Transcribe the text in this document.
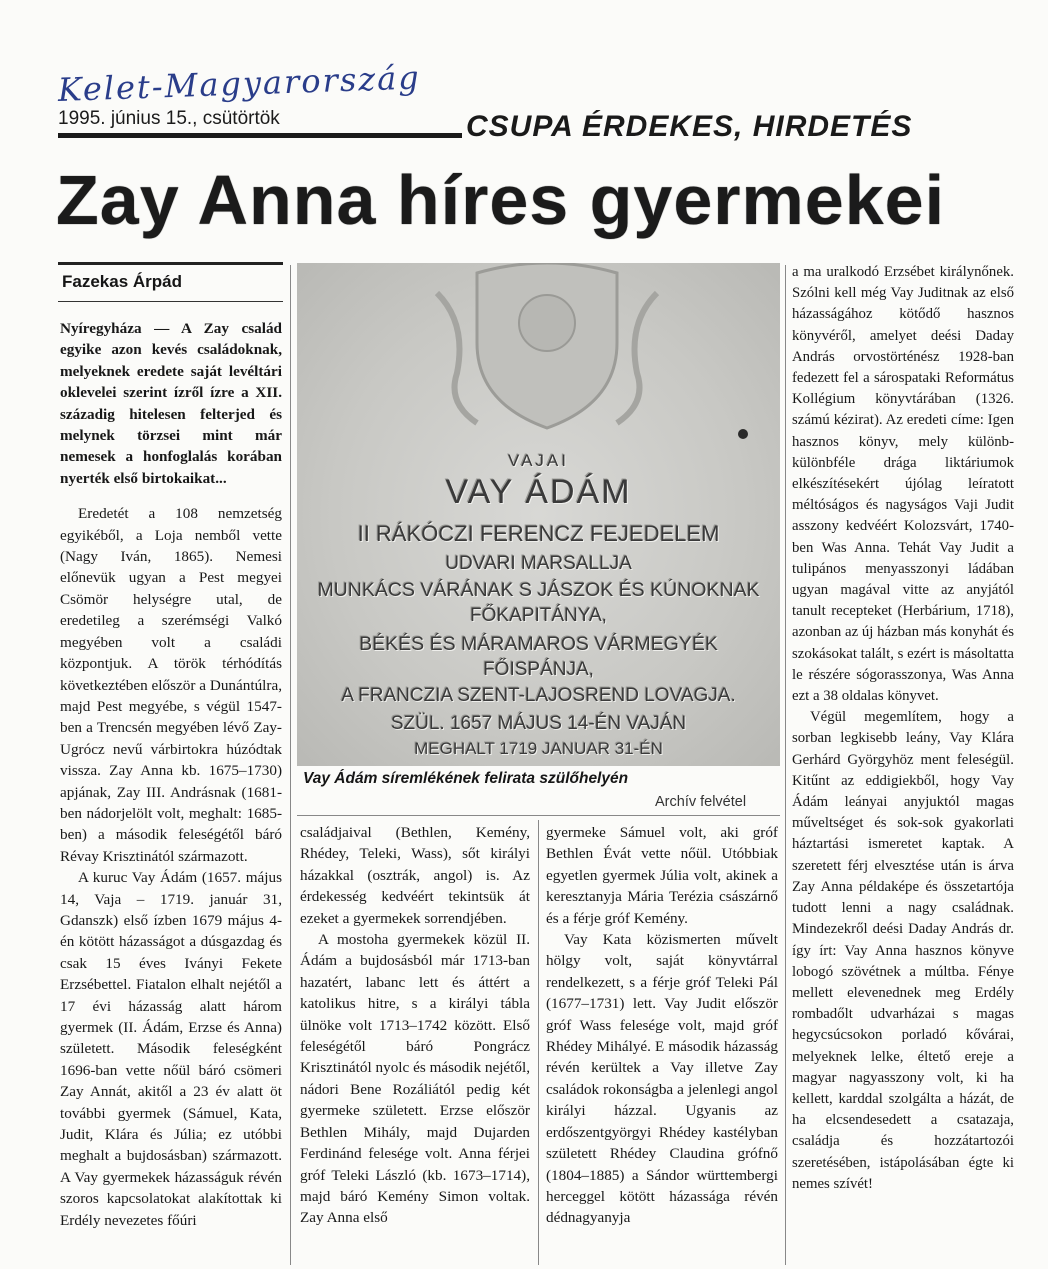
Kelet-Magyarország
1995. június 15., csütörtök	CSUPA ÉRDEKES, HIRDETÉS
Zay Anna híres gyermekei
Fazekas Árpád

Nyíregyháza — A Zay család egyike azon kevés családoknak, melyeknek eredete saját levéltári oklevelei szerint ízről ízre a XII. századig hitelesen felterjed és melynek törzsei mint már nemesek a honfoglalás korában nyerték első birtokaikat...

Eredetét a 108 nemzetség egyikéből, a Loja nemből vette (Nagy Iván, 1865). Nemesi előnevük ugyan a Pest megyei Csömör helységre utal, de eredetileg a szerémségi Valkó megyében volt a családi központjuk. A török térhódítás következtében először a Dunántúlra, majd Pest megyébe, s végül 1547-ben a Trencsén megyében lévő Zay-Ugrócz nevű várbirtokra húzódtak vissza. Zay Anna kb. 1675–1730) apjának, Zay III. Andrásnak (1681-ben nádorjelölt volt, meghalt: 1685-ben) a második feleségétől báró Révay Krisztinától származott.

A kuruc Vay Ádám (1657. május 14, Vaja – 1719. január 31, Gdanszk) első ízben 1679 május 4-én kötött házasságot a dúsgazdag és csak 15 éves Iványi Fekete Erzsébettel. Fiatalon elhalt nejétől a 17 évi házasság alatt három gyermek (II. Ádám, Erzse és Anna) született. Második feleségként 1696-ban vette nőül báró csömeri Zay Annát, akitől a 23 év alatt öt további gyermek (Sámuel, Kata, Judit, Klára és Júlia; ez utóbbi meghalt a bujdosásban) származott. A Vay gyermekek házasságuk révén szoros kapcsolatokat alakítottak ki Erdély nevezetes főúri

VAJAI
VAY ÁDÁM
II RÁKÓCZI FERENCZ FEJEDELEM
UDVARI MARSALLJA
MUNKÁCS VÁRÁNAK S JÁSZOK ÉS KÚNOKNAK
FŐKAPITÁNYA,
BÉKÉS ÉS MÁRAMAROS VÁRMEGYÉK
FŐISPÁNJA,
A FRANCZIA SZENT-LAJOSREND LOVAGJA.
SZÜL. 1657 MÁJUS 14-ÉN VAJÁN
MEGHALT 1719 JANUAR 31-ÉN
Vay Ádám síremlékének felirata szülőhelyén
Archív felvétel

családjaival (Bethlen, Kemény, Rhédey, Teleki, Wass), sőt királyi házakkal (osztrák, angol) is. Az érdekesség kedvéért tekintsük át ezeket a gyermekek sorrendjében.

A mostoha gyermekek közül II. Ádám a bujdosásból már 1713-ban hazatért, labanc lett és áttért a katolikus hitre, s a királyi tábla ülnöke volt 1713–1742 között. Első feleségétől báró Pongrácz Krisztinától nyolc és második nejétől, nádori Bene Rozáliától pedig két gyermeke született. Erzse először Bethlen Mihály, majd Dujarden Ferdinánd felesége volt. Anna férjei gróf Teleki László (kb. 1673–1714), majd báró Kemény Simon voltak. Zay Anna első

gyermeke Sámuel volt, aki gróf Bethlen Évát vette nőül. Utóbbiak egyetlen gyermek Júlia volt, akinek a keresztanyja Mária Terézia császárnő és a férje gróf Kemény.

Vay Kata közismerten művelt hölgy volt, saját könyvtárral rendelkezett, s a férje gróf Teleki Pál (1677–1731) lett. Vay Judit először gróf Wass felesége volt, majd gróf Rhédey Mihályé. E második házasság révén kerültek a Vay illetve Zay családok rokonságba a jelenlegi angol királyi házzal. Ugyanis az erdőszentgyörgyi Rhédey kastélyban született Rhédey Claudina grófnő (1804–1885) a Sándor württembergi herceggel kötött házassága révén dédnagyanyja

a ma uralkodó Erzsébet királynőnek. Szólni kell még Vay Juditnak az első házasságához kötődő hasznos könyvéről, amelyet deési Daday András orvostörténész 1928-ban fedezett fel a sárospataki Református Kollégium könyvtárában (1326. számú kézirat). Az eredeti címe: Igen hasznos könyv, mely különb-különbféle drága liktáriumok elkészítésekért újólag leíratott méltóságos és nagyságos Vaji Judit asszony kedvéért Kolozsvárt, 1740-ben Was Anna. Tehát Vay Judit a tulipános menyasszonyi ládában ugyan magával vitte az anyjától tanult recepteket (Herbárium, 1718), azonban az új házban más konyhát és szokásokat talált, s ezért is másoltatta le részére sógorasszonya, Was Anna ezt a 38 oldalas könyvet.

Végül megemlítem, hogy a sorban legkisebb leány, Vay Klára Gerhárd Györgyhöz ment feleségül. Kitűnt az eddigiekből, hogy Vay Ádám leányai anyjuktól magas műveltséget és sok-sok gyakorlati háztartási ismeretet kaptak. A szeretett férj elvesztése után is árva Zay Anna példaképe és összetartója tudott lenni a nagy családnak. Mindezekről deési Daday András dr. így írt: Vay Anna hasznos könyve lobogó szövétnek a múltba. Fénye mellett elevenednek meg Erdély rombadőlt udvarházai s magas hegycsúcsokon porladó kővárai, melyeknek lelke, éltető ereje a magyar nagyasszony volt, ki ha kellett, karddal szolgálta a házát, de ha elcsendesedett a csatazaja, családja és hozzátartozói szeretésében, istápolásában égte ki nemes szívét!
